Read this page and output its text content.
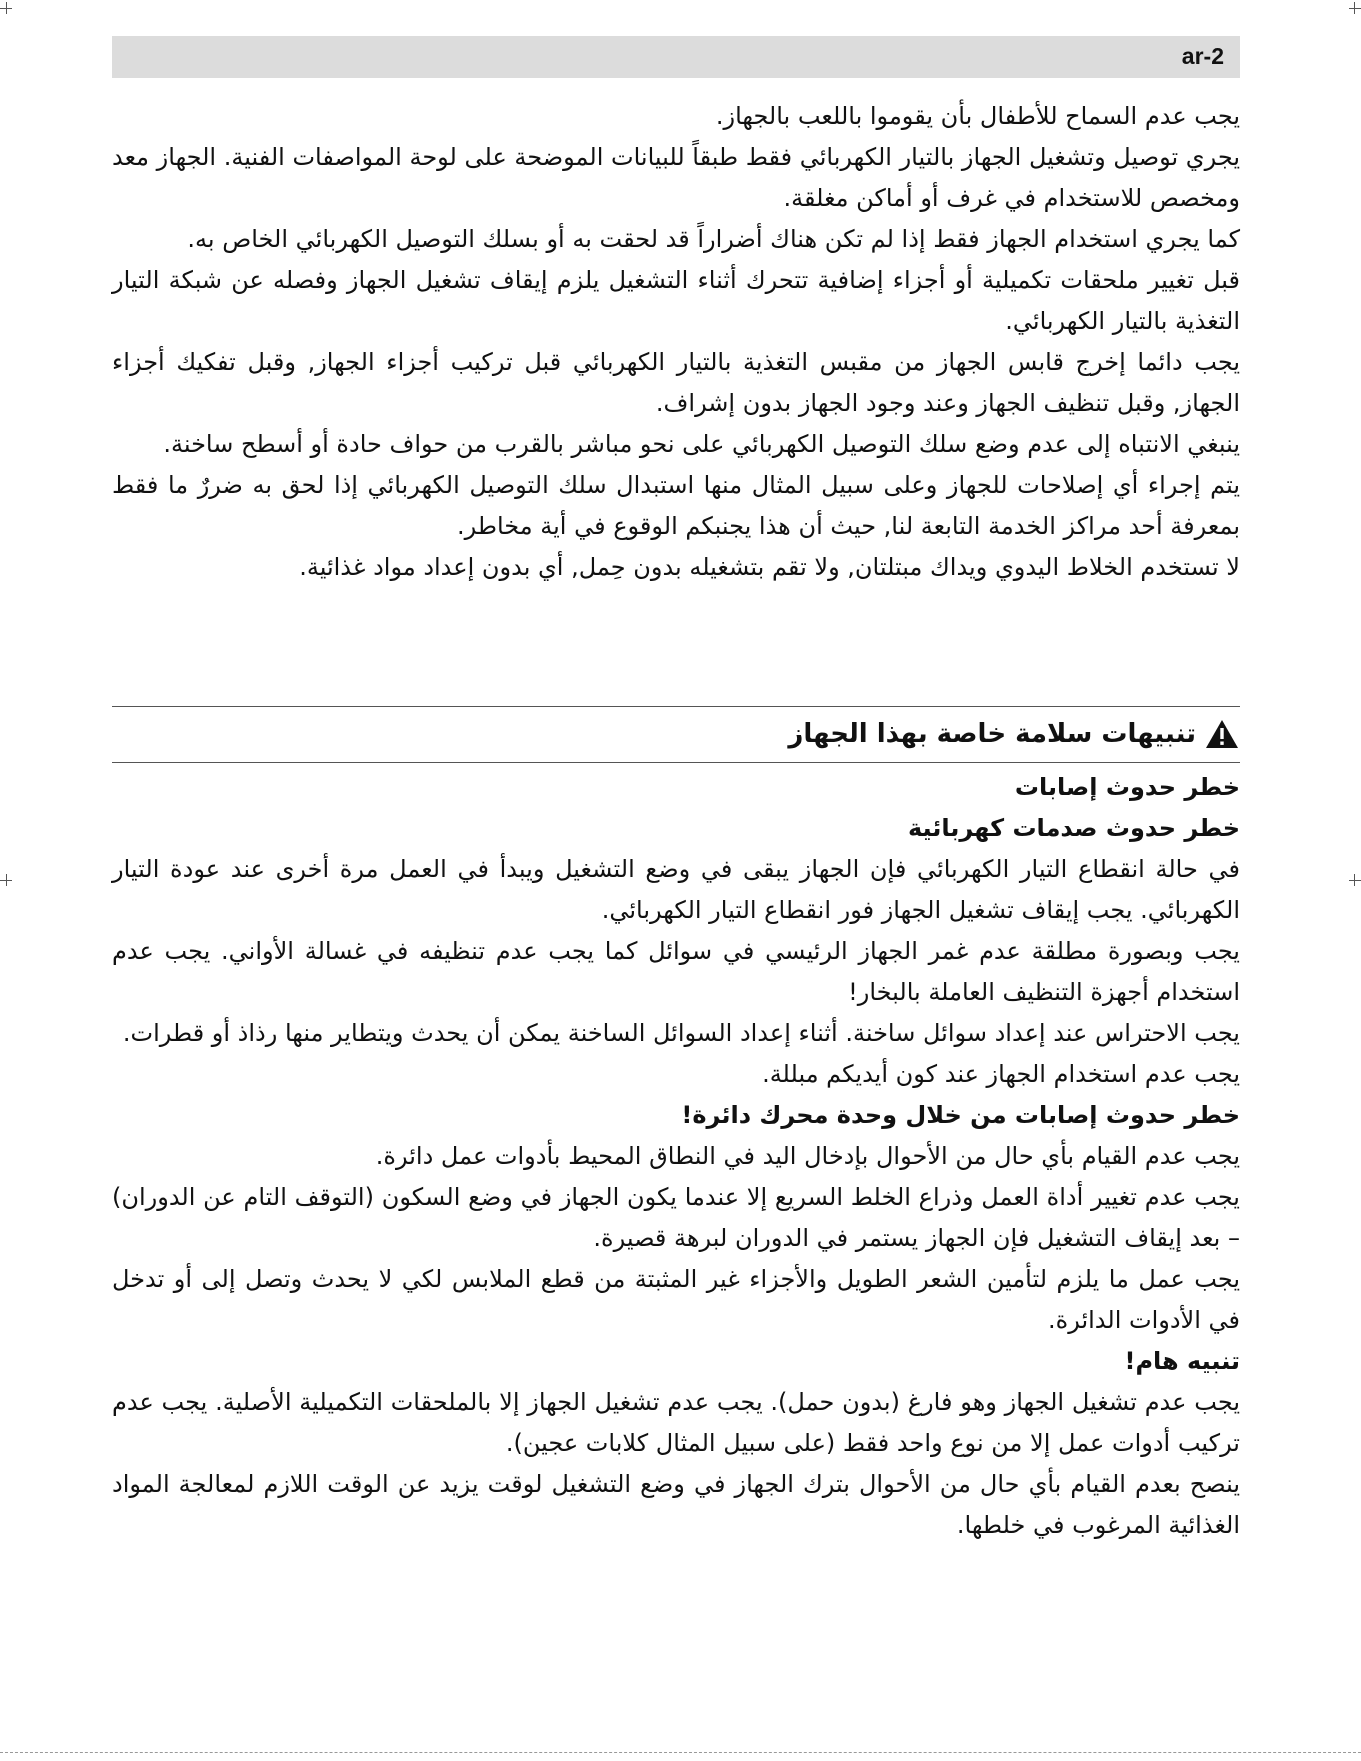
ar-2

يجب عدم السماح للأطفال بأن يقوموا باللعب بالجهاز.

يجري توصيل وتشغيل الجهاز بالتيار الكهربائي فقط طبقاً للبيانات الموضحة على لوحة المواصفات الفنية. الجهاز معد ومخصص للاستخدام في غرف أو أماكن مغلقة.

كما يجري استخدام الجهاز فقط إذا لم تكن هناك أضراراً قد لحقت به أو بسلك التوصيل الكهربائي الخاص به.

قبل تغيير ملحقات تكميلية أو أجزاء إضافية تتحرك أثناء التشغيل يلزم إيقاف تشغيل الجهاز وفصله عن شبكة التيار التغذية بالتيار الكهربائي.

يجب دائما إخرج قابس الجهاز من مقبس التغذية بالتيار الكهربائي قبل تركيب أجزاء الجهاز, وقبل تفكيك أجزاء الجهاز, وقبل تنظيف الجهاز وعند وجود الجهاز بدون إشراف.

ينبغي الانتباه إلى عدم وضع سلك التوصيل الكهربائي على نحو مباشر بالقرب من حواف حادة أو أسطح ساخنة.

يتم إجراء أي إصلاحات للجهاز وعلى سبيل المثال منها استبدال سلك التوصيل الكهربائي إذا لحق به ضررٌ ما فقط بمعرفة أحد مراكز الخدمة التابعة لنا, حيث أن هذا يجنبكم الوقوع في أية مخاطر.

لا تستخدم الخلاط اليدوي ويداك مبتلتان, ولا تقم بتشغيله بدون حِمل, أي بدون إعداد مواد غذائية.

تنبيهات سلامة خاصة بهذا الجهاز

خطر حدوث إصابات

خطر حدوث صدمات كهربائية

في حالة انقطاع التيار الكهربائي فإن الجهاز يبقى في وضع التشغيل ويبدأ في العمل مرة أخرى عند عودة التيار الكهربائي. يجب إيقاف تشغيل الجهاز فور انقطاع التيار الكهربائي.

يجب وبصورة مطلقة عدم غمر الجهاز الرئيسي في سوائل كما يجب عدم تنظيفه في غسالة الأواني. يجب عدم استخدام أجهزة التنظيف العاملة بالبخار!

يجب الاحتراس عند إعداد سوائل ساخنة. أثناء إعداد السوائل الساخنة يمكن أن يحدث ويتطاير منها رذاذ أو قطرات.

يجب عدم استخدام الجهاز عند كون أيديكم مبللة.

خطر حدوث إصابات من خلال وحدة محرك دائرة!

يجب عدم القيام بأي حال من الأحوال بإدخال اليد في النطاق المحيط بأدوات عمل دائرة.

يجب عدم تغيير أداة العمل وذراع الخلط السريع إلا عندما يكون الجهاز في وضع السكون (التوقف التام عن الدوران) – بعد إيقاف التشغيل فإن الجهاز يستمر في الدوران لبرهة قصيرة.

يجب عمل ما يلزم لتأمين الشعر الطويل والأجزاء غير المثبتة من قطع الملابس لكي لا يحدث وتصل إلى أو تدخل في الأدوات الدائرة.

تنبيه هام!

يجب عدم تشغيل الجهاز وهو فارغ (بدون حمل). يجب عدم تشغيل الجهاز إلا بالملحقات التكميلية الأصلية. يجب عدم تركيب أدوات عمل إلا من نوع واحد فقط (على سبيل المثال كلابات عجين).

ينصح بعدم القيام بأي حال من الأحوال بترك الجهاز في وضع التشغيل لوقت يزيد عن الوقت اللازم لمعالجة المواد الغذائية المرغوب في خلطها.
